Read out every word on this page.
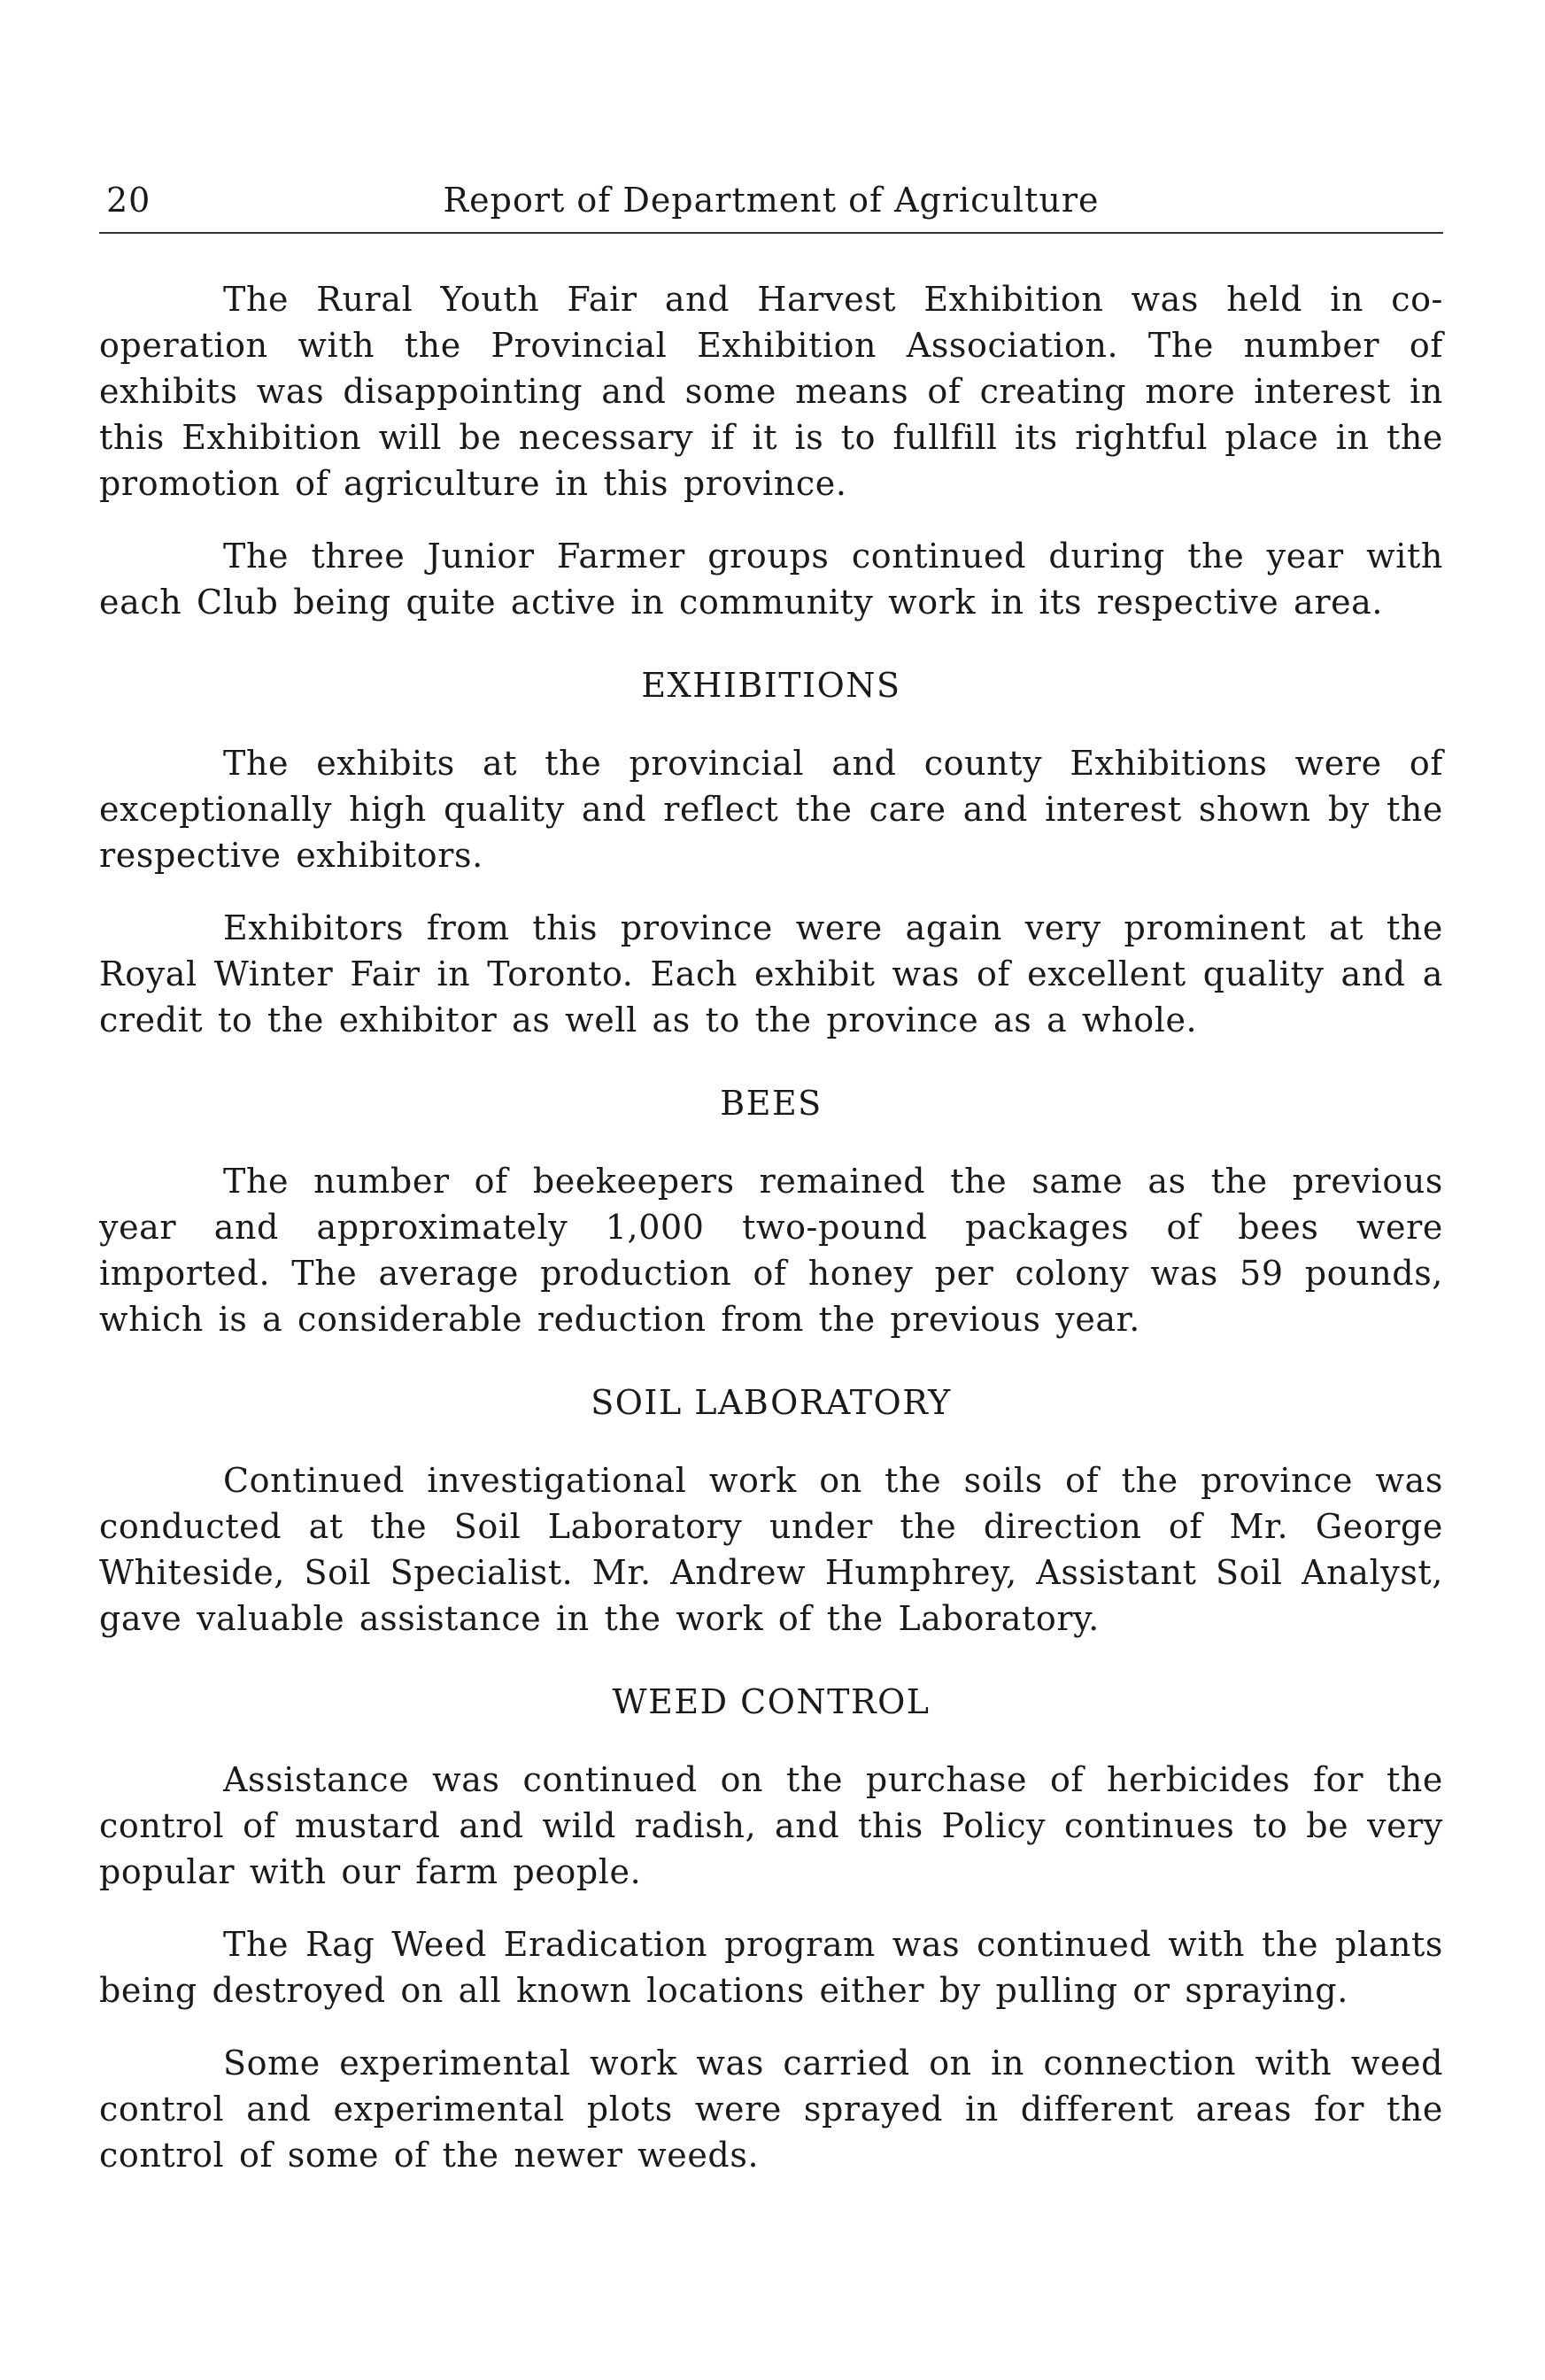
20	Report of Department of Agriculture

The Rural Youth Fair and Harvest Exhibition was held in co-operation with the Provincial Exhibition Association. The number of exhibits was disappointing and some means of creating more interest in this Exhibition will be necessary if it is to fullfill its rightful place in the promotion of agriculture in this province.

The three Junior Farmer groups continued during the year with each Club being quite active in community work in its respective area.

EXHIBITIONS

The exhibits at the provincial and county Exhibitions were of exceptionally high quality and reflect the care and interest shown by the respective exhibitors.

Exhibitors from this province were again very prominent at the Royal Winter Fair in Toronto. Each exhibit was of excellent quality and a credit to the exhibitor as well as to the province as a whole.

BEES

The number of beekeepers remained the same as the previous year and approximately 1,000 two-pound packages of bees were imported. The average production of honey per colony was 59 pounds, which is a considerable reduction from the previous year.

SOIL LABORATORY

Continued investigational work on the soils of the province was conducted at the Soil Laboratory under the direction of Mr. George Whiteside, Soil Specialist. Mr. Andrew Humphrey, Assistant Soil Analyst, gave valuable assistance in the work of the Laboratory.

WEED CONTROL

Assistance was continued on the purchase of herbicides for the control of mustard and wild radish, and this Policy continues to be very popular with our farm people.

The Rag Weed Eradication program was continued with the plants being destroyed on all known locations either by pulling or spraying.

Some experimental work was carried on in connection with weed control and experimental plots were sprayed in different areas for the control of some of the newer weeds.
